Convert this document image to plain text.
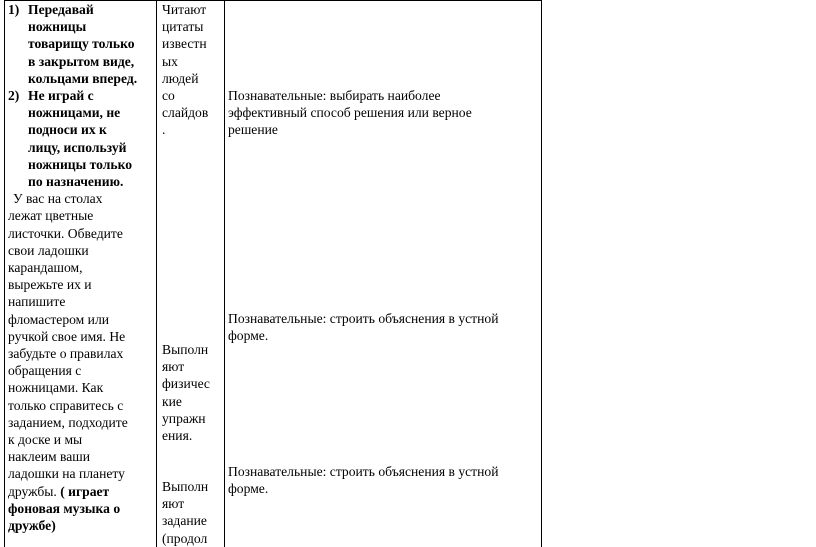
1) Передавай
ножницы
товарищу только
в закрытом виде,
кольцами вперед.
2) Не играй с
ножницами, не
подноси их к
лицу, используй
ножницы только
по назначению.
У вас на столах
лежат цветные
листочки. Обведите
свои ладошки
карандашом,
вырежьте их и
напишите
фломастером или
ручкой свое имя. Не
забудьте о правилах
обращения с
ножницами. Как
только справитесь с
заданием, подходите
к доске и мы
наклеим ваши
ладошки на планету
дружбы. ( играет
фоновая музыка о
дружбе)
Читают
цитаты
известн
ых
людей
со
слайдов
.
Выполн
яют
физичес
кие
упражн
ения.
Выполн
яют
задание
(продол
Познавательные: выбирать наиболее
эффективный способ решения или верное
решение
Познавательные: строить объяснения в устной
форме.
Познавательные: строить объяснения в устной
форме.
